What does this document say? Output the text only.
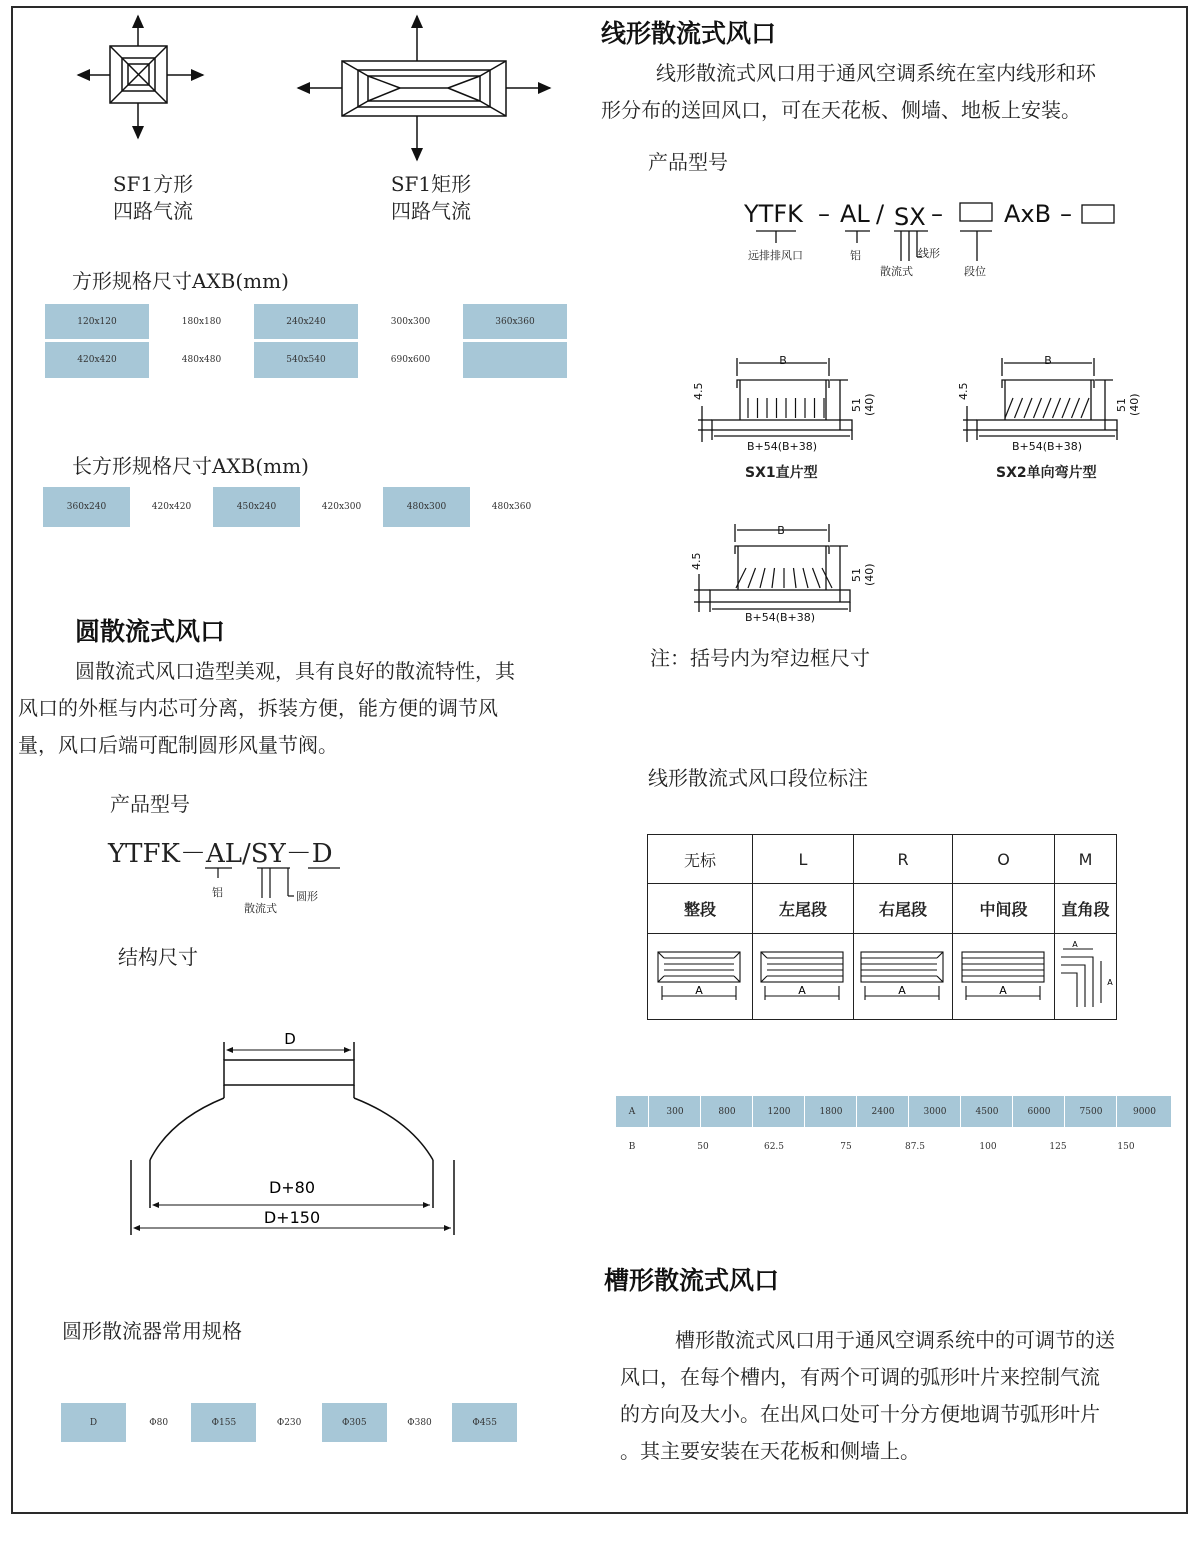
SF1方形
四路气流
SF1矩形
四路气流
方形规格尺寸AXB(mm)
120x120	180x180	240x240	300x300	360x360
420x420	480x480	540x540	690x600
长方形规格尺寸AXB(mm)
360x240	420x420	450x240	420x300	480x300	480x360
圆散流式风口
圆散流式风口造型美观，具有良好的散流特性，其
风口的外框与内芯可分离，拆装方便，能方便的调节风
量，风口后端可配制圆形风量节阀。
产品型号
YTFK－AL/SY－D
铝
散流式
圆形
结构尺寸
D
D+80
D+150
圆形散流器常用规格
D	Φ80	Φ155	Φ230	Φ305	Φ380	Φ455
线形散流式风口
线形散流式风口用于通风空调系统在室内线形和环
形分布的送回风口，可在天花板、侧墙、地板上安装。
产品型号
YTFK – AL / SX –	AxB –
远排排风口	铝
散流式
线形
段位
B
B+54(B+38)
4.5
51 (40)
SX1直片型
B
B+54(B+38)
4.5
51 (40)
SX2单向弯片型
B
B+54(B+38)
4.5
51 (40)
注：括号内为窄边框尺寸
线形散流式风口段位标注
无标	L	R	O	M
整段	左尾段	右尾段	中间段	直角段

A	A	A	A	A
A
A	300	800	1200	1800	2400	3000	4500	6000	7500	9000
B	50	62.5	75	87.5	100	125	150
槽形散流式风口
槽形散流式风口用于通风空调系统中的可调节的送
风口，在每个槽内，有两个可调的弧形叶片来控制气流
的方向及大小。在出风口处可十分方便地调节弧形叶片
。其主要安装在天花板和侧墙上。
